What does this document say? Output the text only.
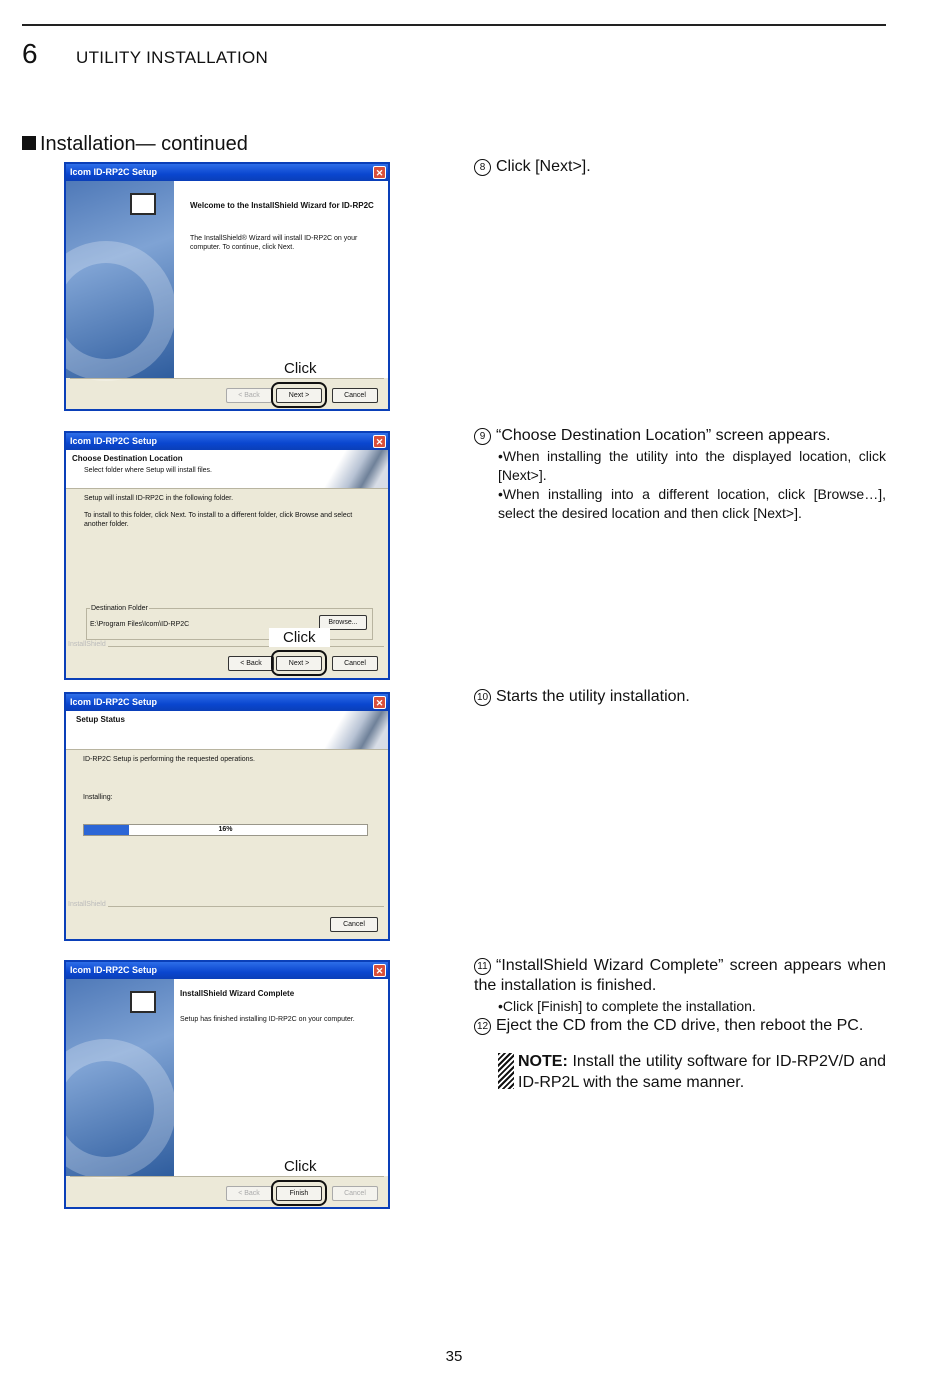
6 UTILITY INSTALLATION
Installation— continued
Icom ID-RP2C Setup	✕
Welcome to the InstallShield Wizard for ID-RP2C
The InstallShield® Wizard will install ID-RP2C on your computer. To continue, click Next.
< Back	Next >	Cancel
Click
Icom ID-RP2C Setup	✕
Choose Destination Location
Select folder where Setup will install files.
Setup will install ID-RP2C in the following folder.
To install to this folder, click Next. To install to a different folder, click Browse and select another folder.
Destination Folder
E:\Program Files\Icom\ID-RP2C	Browse...
InstallShield
< Back	Next >	Cancel
Click
Icom ID-RP2C Setup	✕
Setup Status
ID-RP2C Setup is performing the requested operations.
Installing:
16%
InstallShield
Cancel
Icom ID-RP2C Setup	✕
InstallShield Wizard Complete
Setup has finished installing ID-RP2C on your computer.
< Back	Finish	Cancel
Click
8 Click [Next>].
9 “Choose Destination Location” screen appears.
•When installing the utility into the displayed location, click [Next>].
•When installing into a different location, click [Browse…], select the desired location and then click [Next>].
10 Starts the utility installation.
11 “InstallShield Wizard Complete” screen appears when the installation is finished.
•Click [Finish] to complete the installation.
12 Eject the CD from the CD drive, then reboot the PC.
NOTE: Install the utility software for ID-RP2V/D and ID-RP2L with the same manner.
35
